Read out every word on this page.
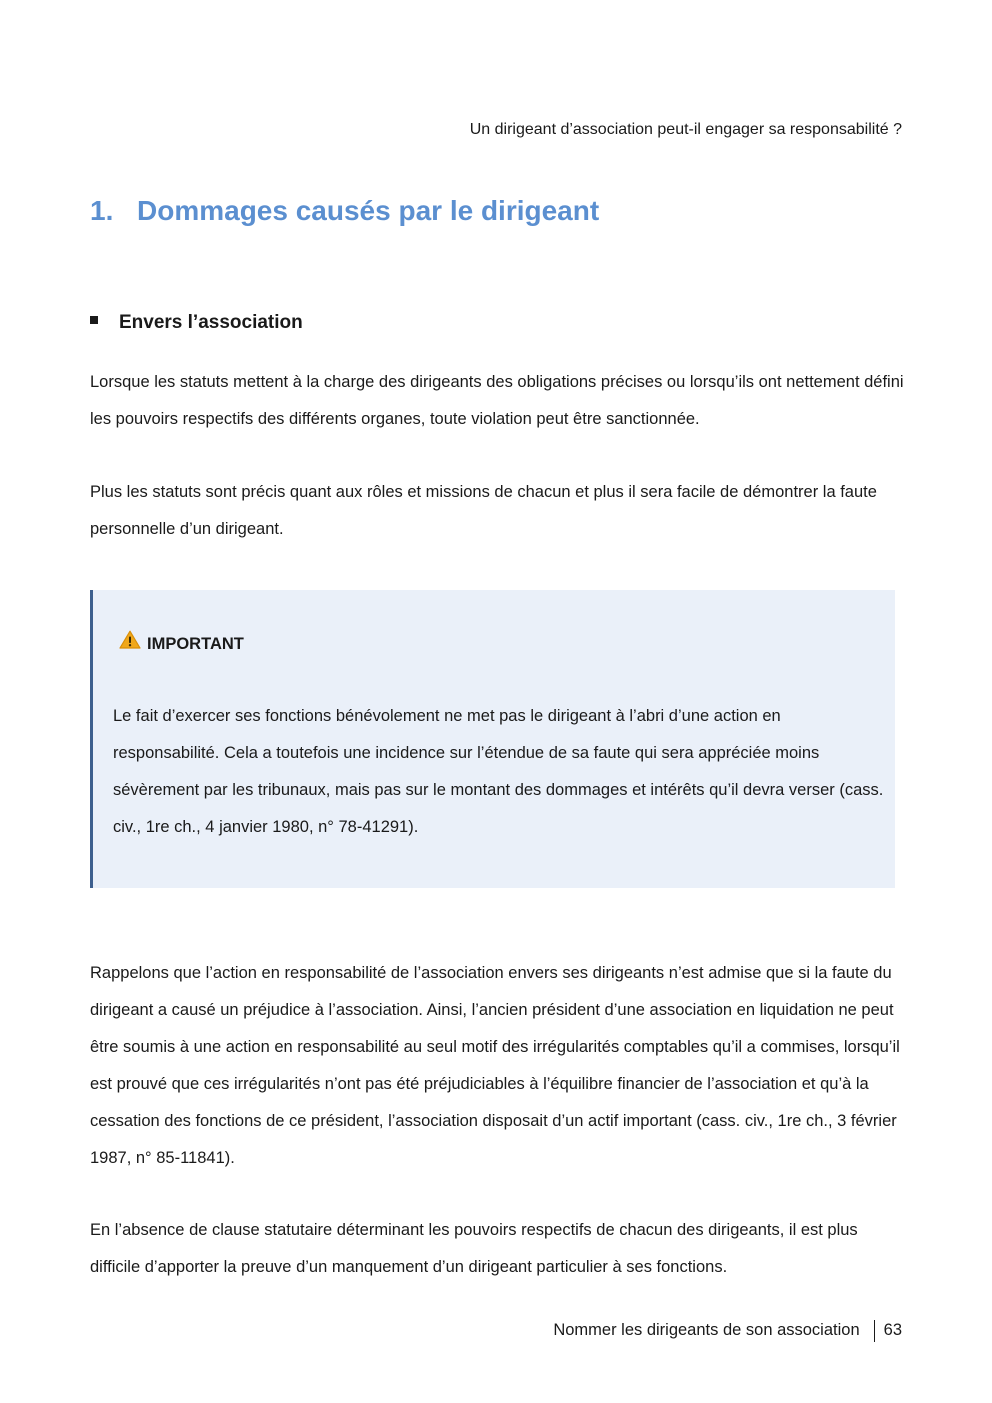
Un dirigeant d’association peut-il engager sa responsabilité ?
1. Dommages causés par le dirigeant
Envers l’association

Lorsque les statuts mettent à la charge des dirigeants des obligations précises ou lorsqu’ils ont nettement défini les pouvoirs respectifs des différents organes, toute violation peut être sanctionnée.

Plus les statuts sont précis quant aux rôles et missions de chacun et plus il sera facile de démontrer la faute personnelle d’un dirigeant.

IMPORTANT

Le fait d’exercer ses fonctions bénévolement ne met pas le dirigeant à l’abri d’une action en responsabilité. Cela a toutefois une incidence sur l’étendue de sa faute qui sera appréciée moins sévèrement par les tribunaux, mais pas sur le montant des dommages et intérêts qu’il devra verser (cass. civ., 1re ch., 4 janvier 1980, n° 78-41291).

Rappelons que l’action en responsabilité de l’association envers ses dirigeants n’est admise que si la faute du dirigeant a causé un préjudice à l’association. Ainsi, l’ancien président d’une association en liquidation ne peut être soumis à une action en responsabilité au seul motif des irrégularités comptables qu’il a commises, lorsqu’il est prouvé que ces irrégularités n’ont pas été préjudiciables à l’équilibre financier de l’association et qu’à la cessation des fonctions de ce président, l’association disposait d’un actif important (cass. civ., 1re ch., 3 février 1987, n° 85-11841).

En l’absence de clause statutaire déterminant les pouvoirs respectifs de chacun des dirigeants, il est plus difficile d’apporter la preuve d’un manquement d’un dirigeant particulier à ses fonctions.

Nommer les dirigeants de son association 63
